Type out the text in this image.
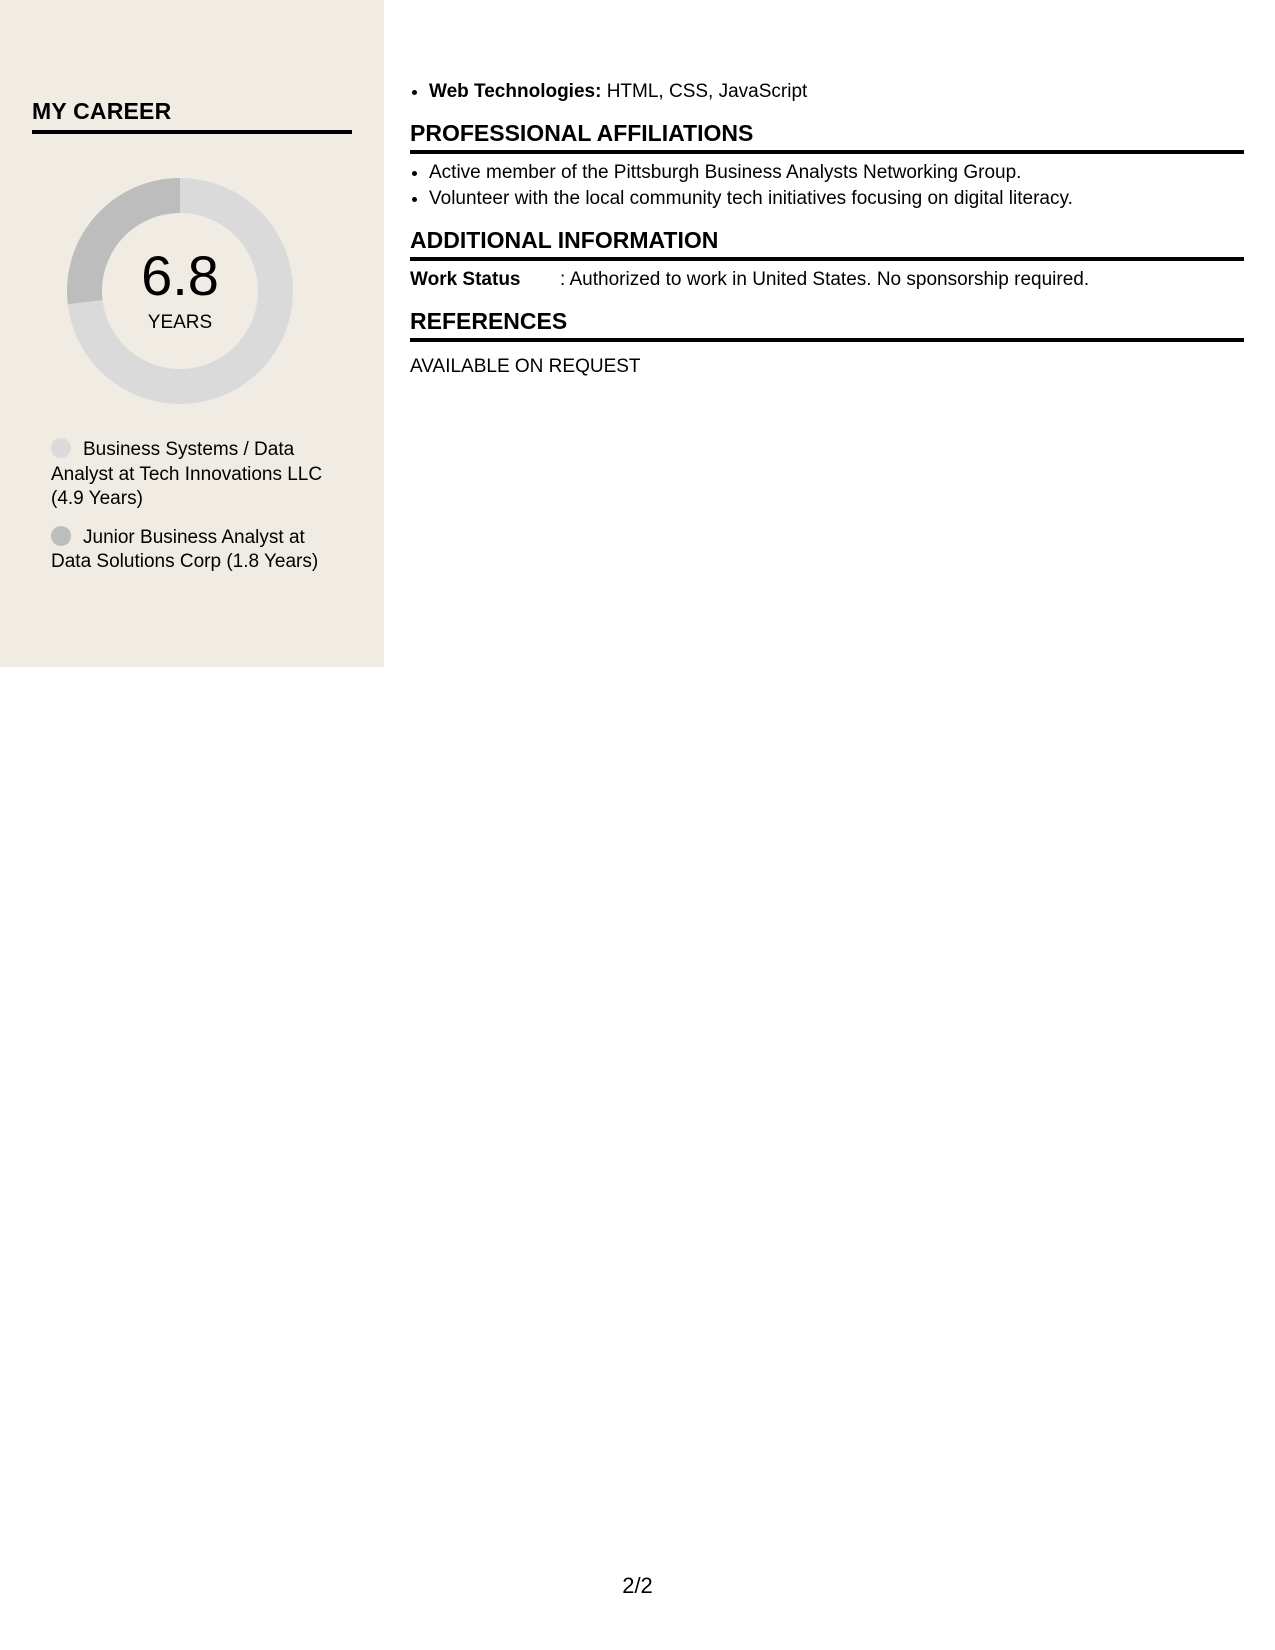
MY CAREER
6.8
YEARS
Business Systems / Data Analyst at Tech Innovations LLC (4.9 Years)
Junior Business Analyst at Data Solutions Corp (1.8 Years)
• Web Technologies: HTML, CSS, JavaScript
PROFESSIONAL AFFILIATIONS
• Active member of the Pittsburgh Business Analysts Networking Group.
• Volunteer with the local community tech initiatives focusing on digital literacy.
ADDITIONAL INFORMATION
Work Status	: Authorized to work in United States. No sponsorship required.
REFERENCES
AVAILABLE ON REQUEST
2/2
